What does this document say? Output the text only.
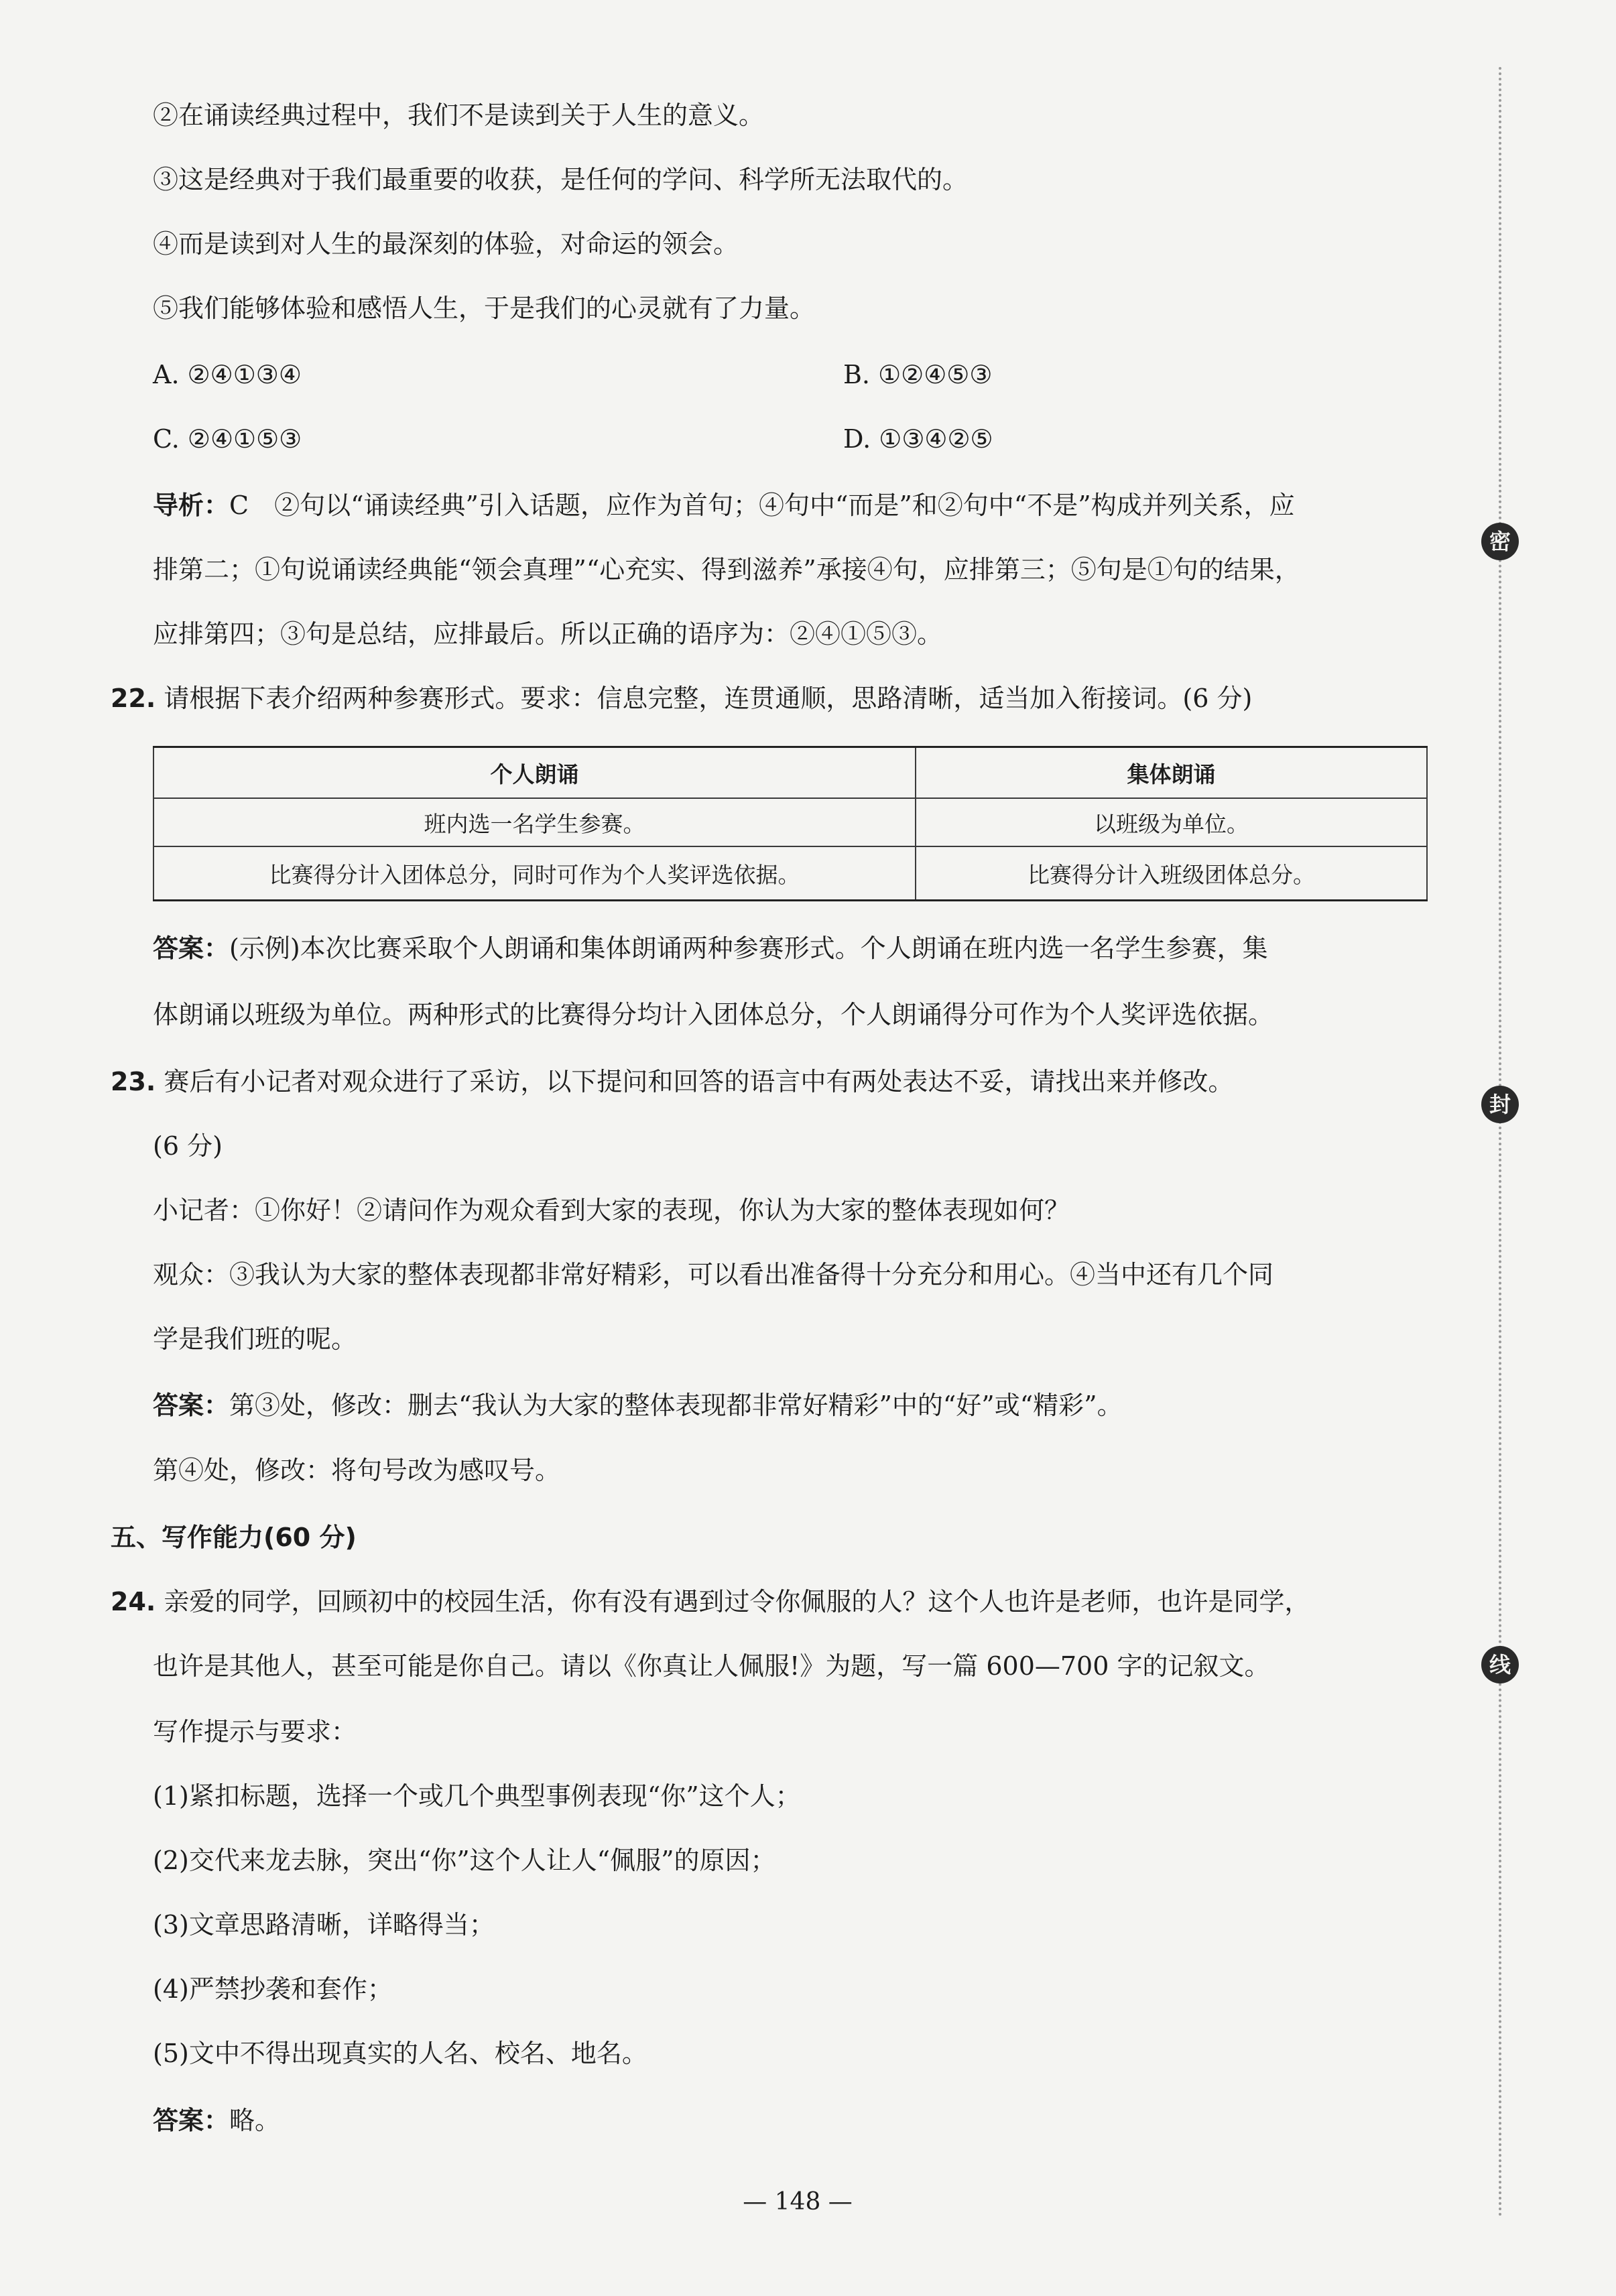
②在诵读经典过程中，我们不是读到关于人生的意义。
③这是经典对于我们最重要的收获，是任何的学问、科学所无法取代的。
④而是读到对人生的最深刻的体验，对命运的领会。
⑤我们能够体验和感悟人生，于是我们的心灵就有了力量。
A. ②④①③④	B. ①②④⑤③
C. ②④①⑤③	D. ①③④②⑤
导析：C　②句以“诵读经典”引入话题，应作为首句；④句中“而是”和②句中“不是”构成并列关系，应
排第二；①句说诵读经典能“领会真理”“心充实、得到滋养”承接④句，应排第三；⑤句是①句的结果，
应排第四；③句是总结，应排最后。所以正确的语序为：②④①⑤③。
22. 请根据下表介绍两种参赛形式。要求：信息完整，连贯通顺，思路清晰，适当加入衔接词。(6 分)
个人朗诵	集体朗诵
班内选一名学生参赛。	以班级为单位。
比赛得分计入团体总分，同时可作为个人奖评选依据。	比赛得分计入班级团体总分。
答案：(示例)本次比赛采取个人朗诵和集体朗诵两种参赛形式。个人朗诵在班内选一名学生参赛，集
体朗诵以班级为单位。两种形式的比赛得分均计入团体总分，个人朗诵得分可作为个人奖评选依据。
23. 赛后有小记者对观众进行了采访，以下提问和回答的语言中有两处表达不妥，请找出来并修改。
(6 分)
小记者：①你好！②请问作为观众看到大家的表现，你认为大家的整体表现如何？
观众：③我认为大家的整体表现都非常好精彩，可以看出准备得十分充分和用心。④当中还有几个同
学是我们班的呢。
答案：第③处，修改：删去“我认为大家的整体表现都非常好精彩”中的“好”或“精彩”。
第④处，修改：将句号改为感叹号。
五、写作能力(60 分)
24. 亲爱的同学，回顾初中的校园生活，你有没有遇到过令你佩服的人？这个人也许是老师，也许是同学，
也许是其他人，甚至可能是你自己。请以《你真让人佩服!》为题，写一篇 600—700 字的记叙文。
写作提示与要求：
(1)紧扣标题，选择一个或几个典型事例表现“你”这个人；
(2)交代来龙去脉，突出“你”这个人让人“佩服”的原因；
(3)文章思路清晰，详略得当；
(4)严禁抄袭和套作；
(5)文中不得出现真实的人名、校名、地名。
答案：略。
密
封
线
— 148 —
